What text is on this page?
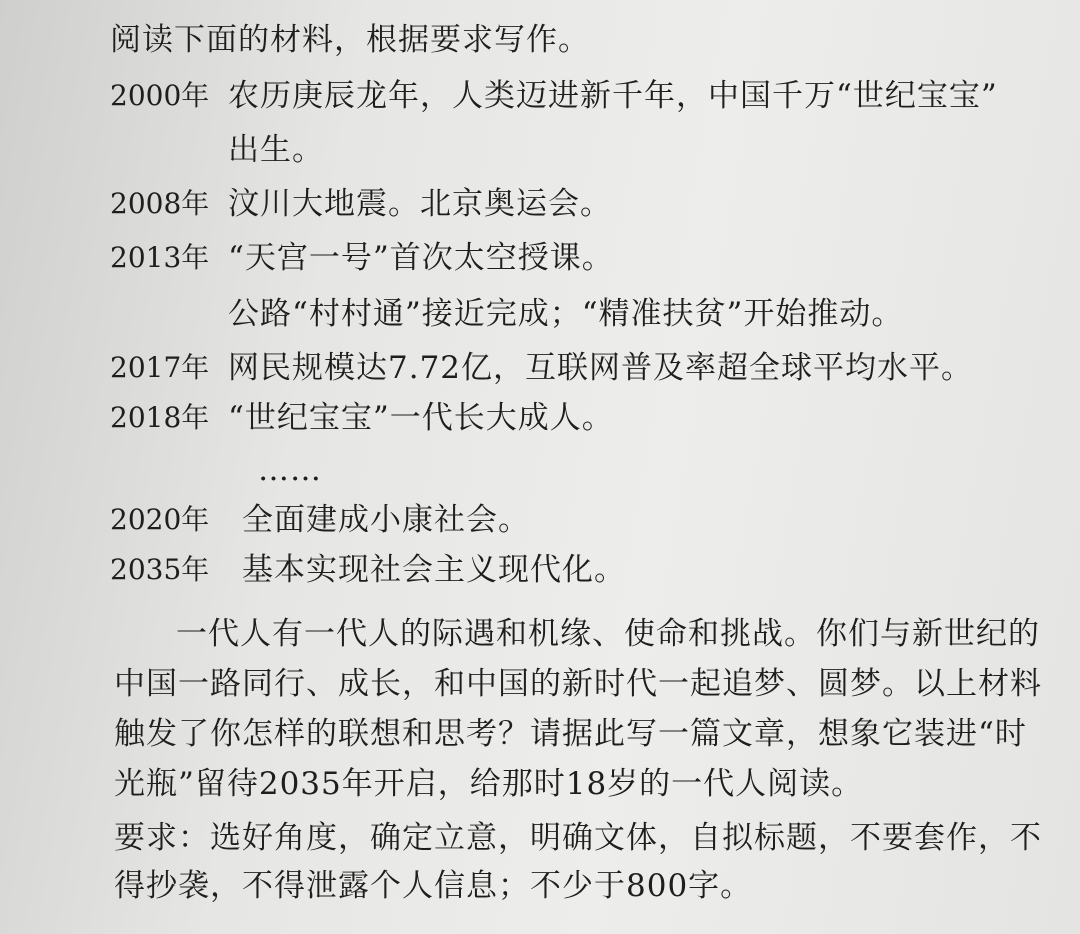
阅读下面的材料，根据要求写作。
2000年 农历庚辰龙年，人类迈进新千年，中国千万“世纪宝宝”
出生。
2008年 汶川大地震。北京奥运会。
2013年 “天宫一号”首次太空授课。
公路“村村通”接近完成；“精准扶贫”开始推动。
2017年 网民规模达7.72亿，互联网普及率超全球平均水平。
2018年 “世纪宝宝”一代长大成人。
……
2020年 全面建成小康社会。
2035年 基本实现社会主义现代化。
一代人有一代人的际遇和机缘、使命和挑战。你们与新世纪的
中国一路同行、成长，和中国的新时代一起追梦、圆梦。以上材料
触发了你怎样的联想和思考？请据此写一篇文章，想象它装进“时
光瓶”留待2035年开启，给那时18岁的一代人阅读。
要求：选好角度，确定立意，明确文体，自拟标题，不要套作，不
得抄袭，不得泄露个人信息；不少于800字。
